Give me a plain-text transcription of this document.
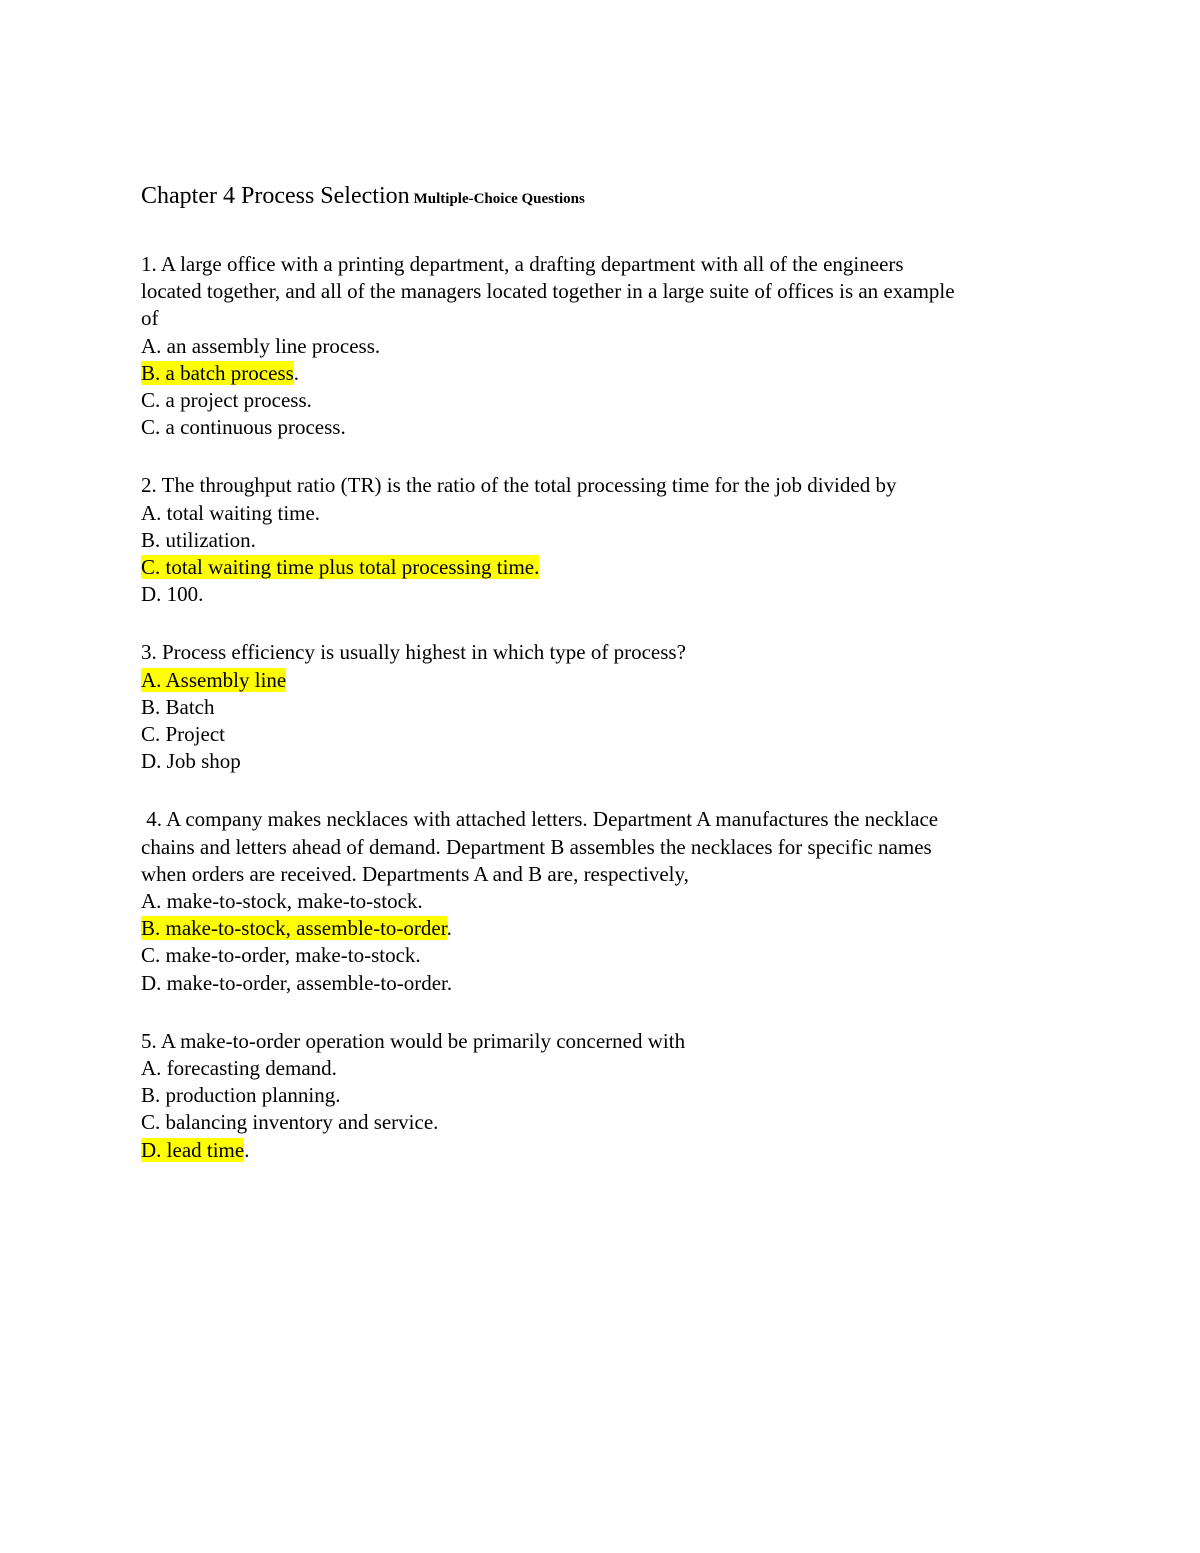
Chapter 4 Process Selection Multiple-Choice Questions
1. A large office with a printing department, a drafting department with all of the engineers
located together, and all of the managers located together in a large suite of offices is an example
of
A. an assembly line process.
B. a batch process.
C. a project process.
C. a continuous process.
2. The throughput ratio (TR) is the ratio of the total processing time for the job divided by
A. total waiting time.
B. utilization.
C. total waiting time plus total processing time.
D. 100.
3. Process efficiency is usually highest in which type of process?
A. Assembly line
B. Batch
C. Project
D. Job shop
4. A company makes necklaces with attached letters. Department A manufactures the necklace
chains and letters ahead of demand. Department B assembles the necklaces for specific names
when orders are received. Departments A and B are, respectively,
A. make-to-stock, make-to-stock.
B. make-to-stock, assemble-to-order.
C. make-to-order, make-to-stock.
D. make-to-order, assemble-to-order.
5. A make-to-order operation would be primarily concerned with
A. forecasting demand.
B. production planning.
C. balancing inventory and service.
D. lead time.
